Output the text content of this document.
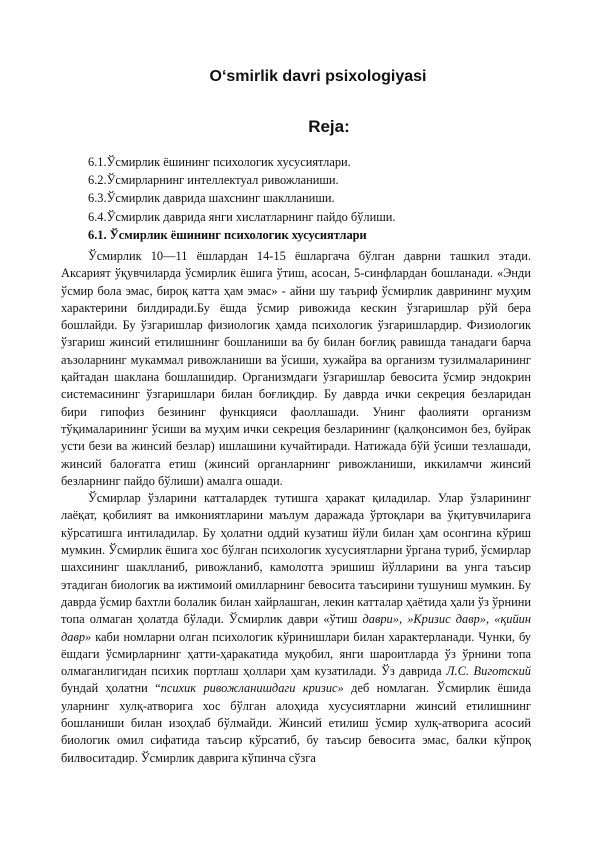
O‘smirlik davri psixologiyasi
Reja:
6.1.Ўсмирлик ёшининг психологик хусусиятлари.
6.2.Ўсмирларнинг интеллектуал ривожланиши.
6.3.Ўсмирлик даврида шахснинг шаклланиши.
6.4.Ўсмирлик даврида янги хислатларнинг пайдо бўлиши.
6.1. Ўсмирлик ёшининг психологик хусусиятлари

Ўсмирлик 10—11 ёшлардан 14-15 ёшларгача бўлган даврни ташкил этади. Аксарият ўқувчиларда ўсмирлик ёшига ўтиш, асосан, 5-синфлардан бошланади. «Энди ўсмир бола эмас, бироқ катта ҳам эмас» - айни шу таъриф ўсмирлик даврининг муҳим характерини билдиради.Бу ёшда ўсмир ривожида кескин ўзгаришлар рўй бера бошлайди. Бу ўзгаришлар физиологик ҳамда психологик ўзгаришлардир. Физиологик ўзгариш жинсий етилишнинг бошланиши ва бу билан боғлиқ равишда танадаги барча аъзоларнинг мукаммал ривожланиши ва ўсиши, хужайра ва организм тузилмаларининг қайтадан шаклана бошлашидир. Организмдаги ўзгаришлар бевосита ўсмир эндокрин системасининг ўзгаришлари билан боғлиқдир. Бу даврда ички секреция безларидан бири гипофиз безининг функцияси фаоллашади. Унинг фаолияти организм тўқималарининг ўсиши ва муҳим ички секреция безларининг (қалқонсимон без, буйрак усти бези ва жинсий безлар) ишлашини кучайтиради. Натижада бўй ўсиши тезлашади, жинсий балоғатга етиш (жинсий органларнинг ривожланиши, иккиламчи жинсий безларнинг пайдо бўлиши) амалга ошади.

Ўсмирлар ўзларини катталардек тутишга ҳаракат қиладилар. Улар ўзларининг лаёқат, қобилият ва имкониятларини маълум даражада ўртоқлари ва ўқитувчиларига кўрсатишга интиладилар. Бу ҳолатни оддий кузатиш йўли билан ҳам осонгина кўриш мумкин. Ўсмирлик ёшига хос бўлган психологик хусусиятларни ўргана туриб, ўсмирлар шахсининг шаклланиб, ривожланиб, камолотга эришиш йўлларини ва унга таъсир этадиган биологик ва ижтимоий омилларнинг бевосита таъсирини тушуниш мумкин. Бу даврда ўсмир бахтли болалик билан хайрлашган, лекин катталар ҳаётида ҳали ўз ўрнини топа олмаган ҳолатда бўлади. Ўсмирлик даври «ўтиш даври», »Кризис давр», «қийин давр» каби номларни олган психологик кўринишлари билан характерланади. Чунки, бу ёшдаги ўсмирларнинг ҳатти-ҳаракатида муқобил, янги шароитларда ўз ўрнини топа олмаганлигидан психик портлаш ҳоллари ҳам кузатилади. Ўз даврида Л.С. Виготский бундай ҳолатни “психик ривожланишдаги кризис» деб номлаган. Ўсмирлик ёшида уларнинг хулқ-атворига хос бўлган алоҳида хусусиятларни жинсий етилишнинг бошланиши билан изоҳлаб бўлмайди. Жинсий етилиш ўсмир хулқ-атворига асосий биологик омил сифатида таъсир кўрсатиб, бу таъсир бевосита эмас, балки кўпроқ билвоситадир. Ўсмирлик даврига кўпинча сўзга
